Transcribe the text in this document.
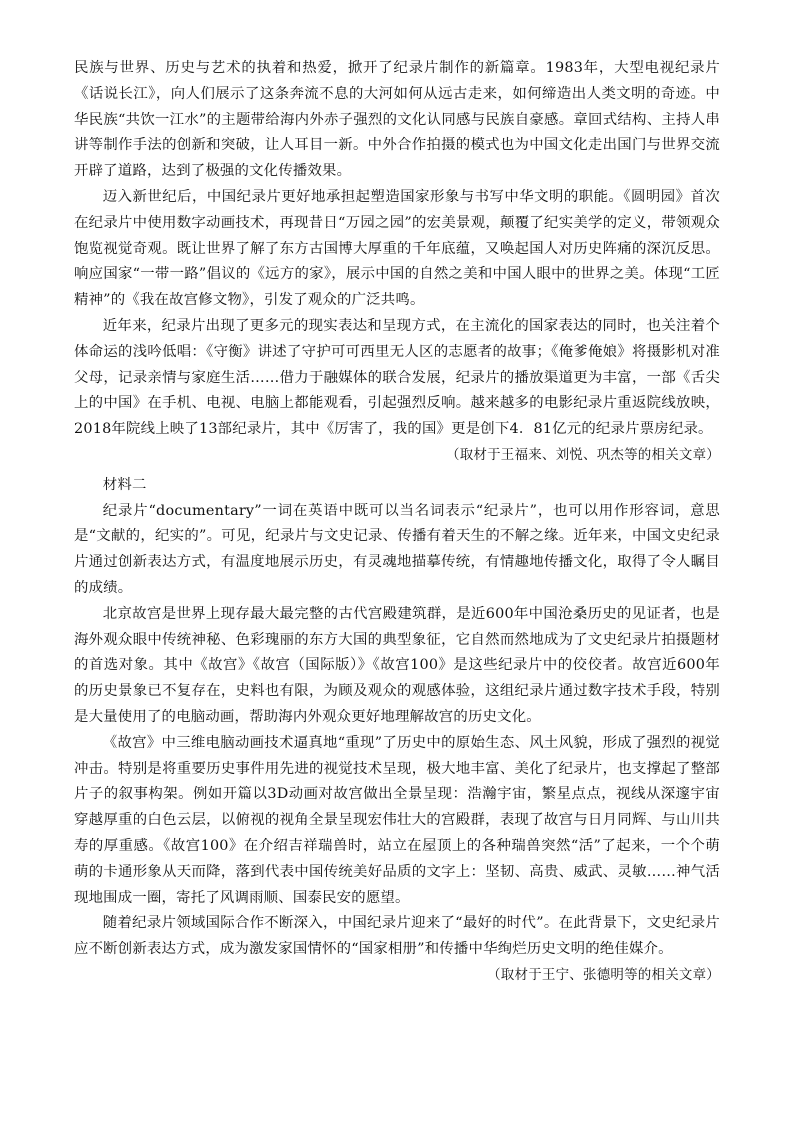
民族与世界、历史与艺术的执着和热爱，掀开了纪录片制作的新篇章。1983年，大型电视纪录片《话说长江》，向人们展示了这条奔流不息的大河如何从远古走来，如何缔造出人类文明的奇迹。中华民族“共饮一江水”的主题带给海内外赤子强烈的文化认同感与民族自豪感。章回式结构、主持人串讲等制作手法的创新和突破，让人耳目一新。中外合作拍摄的模式也为中国文化走出国门与世界交流开辟了道路，达到了极强的文化传播效果。

迈入新世纪后，中国纪录片更好地承担起塑造国家形象与书写中华文明的职能。《圆明园》首次在纪录片中使用数字动画技术，再现昔日“万园之园”的宏美景观，颠覆了纪实美学的定义，带领观众饱览视觉奇观。既让世界了解了东方古国博大厚重的千年底蕴，又唤起国人对历史阵痛的深沉反思。响应国家“一带一路”倡议的《远方的家》，展示中国的自然之美和中国人眼中的世界之美。体现“工匠精神”的《我在故宫修文物》，引发了观众的广泛共鸣。

近年来，纪录片出现了更多元的现实表达和呈现方式，在主流化的国家表达的同时，也关注着个体命运的浅吟低唱：《守衡》讲述了守护可可西里无人区的志愿者的故事；《俺爹俺娘》将摄影机对准父母，记录亲情与家庭生活……借力于融媒体的联合发展，纪录片的播放渠道更为丰富，一部《舌尖上的中国》在手机、电视、电脑上都能观看，引起强烈反响。越来越多的电影纪录片重返院线放映，2018年院线上映了13部纪录片，其中《厉害了，我的国》更是创下4．81亿元的纪录片票房纪录。

（取材于王福来、刘悦、巩杰等的相关文章）

材料二

纪录片“documentary”一词在英语中既可以当名词表示“纪录片”，也可以用作形容词，意思是“文献的，纪实的”。可见，纪录片与文史记录、传播有着天生的不解之缘。近年来，中国文史纪录片通过创新表达方式，有温度地展示历史，有灵魂地描摹传统，有情趣地传播文化，取得了令人瞩目的成绩。

北京故宫是世界上现存最大最完整的古代宫殿建筑群，是近600年中国沧桑历史的见证者，也是海外观众眼中传统神秘、色彩瑰丽的东方大国的典型象征，它自然而然地成为了文史纪录片拍摄题材的首选对象。其中《故宫》《故宫（国际版）》《故宫100》是这些纪录片中的佼佼者。故宫近600年的历史景象已不复存在，史料也有限，为顾及观众的观感体验，这组纪录片通过数字技术手段，特别是大量使用了的电脑动画，帮助海内外观众更好地理解故宫的历史文化。

《故宫》中三维电脑动画技术逼真地“重现”了历史中的原始生态、风土风貌，形成了强烈的视觉冲击。特别是将重要历史事件用先进的视觉技术呈现，极大地丰富、美化了纪录片，也支撑起了整部片子的叙事构架。例如开篇以3D动画对故宫做出全景呈现：浩瀚宇宙，繁星点点，视线从深邃宇宙穿越厚重的白色云层，以俯视的视角全景呈现宏伟壮大的宫殿群，表现了故宫与日月同辉、与山川共寿的厚重感。《故宫100》在介绍吉祥瑞兽时，站立在屋顶上的各种瑞兽突然“活”了起来，一个个萌萌的卡通形象从天而降，落到代表中国传统美好品质的文字上：坚韧、高贵、威武、灵敏……神气活现地围成一圈，寄托了风调雨顺、国泰民安的愿望。

随着纪录片领域国际合作不断深入，中国纪录片迎来了“最好的时代”。在此背景下，文史纪录片应不断创新表达方式，成为激发家国情怀的“国家相册”和传播中华绚烂历史文明的绝佳媒介。

（取材于王宁、张德明等的相关文章）
